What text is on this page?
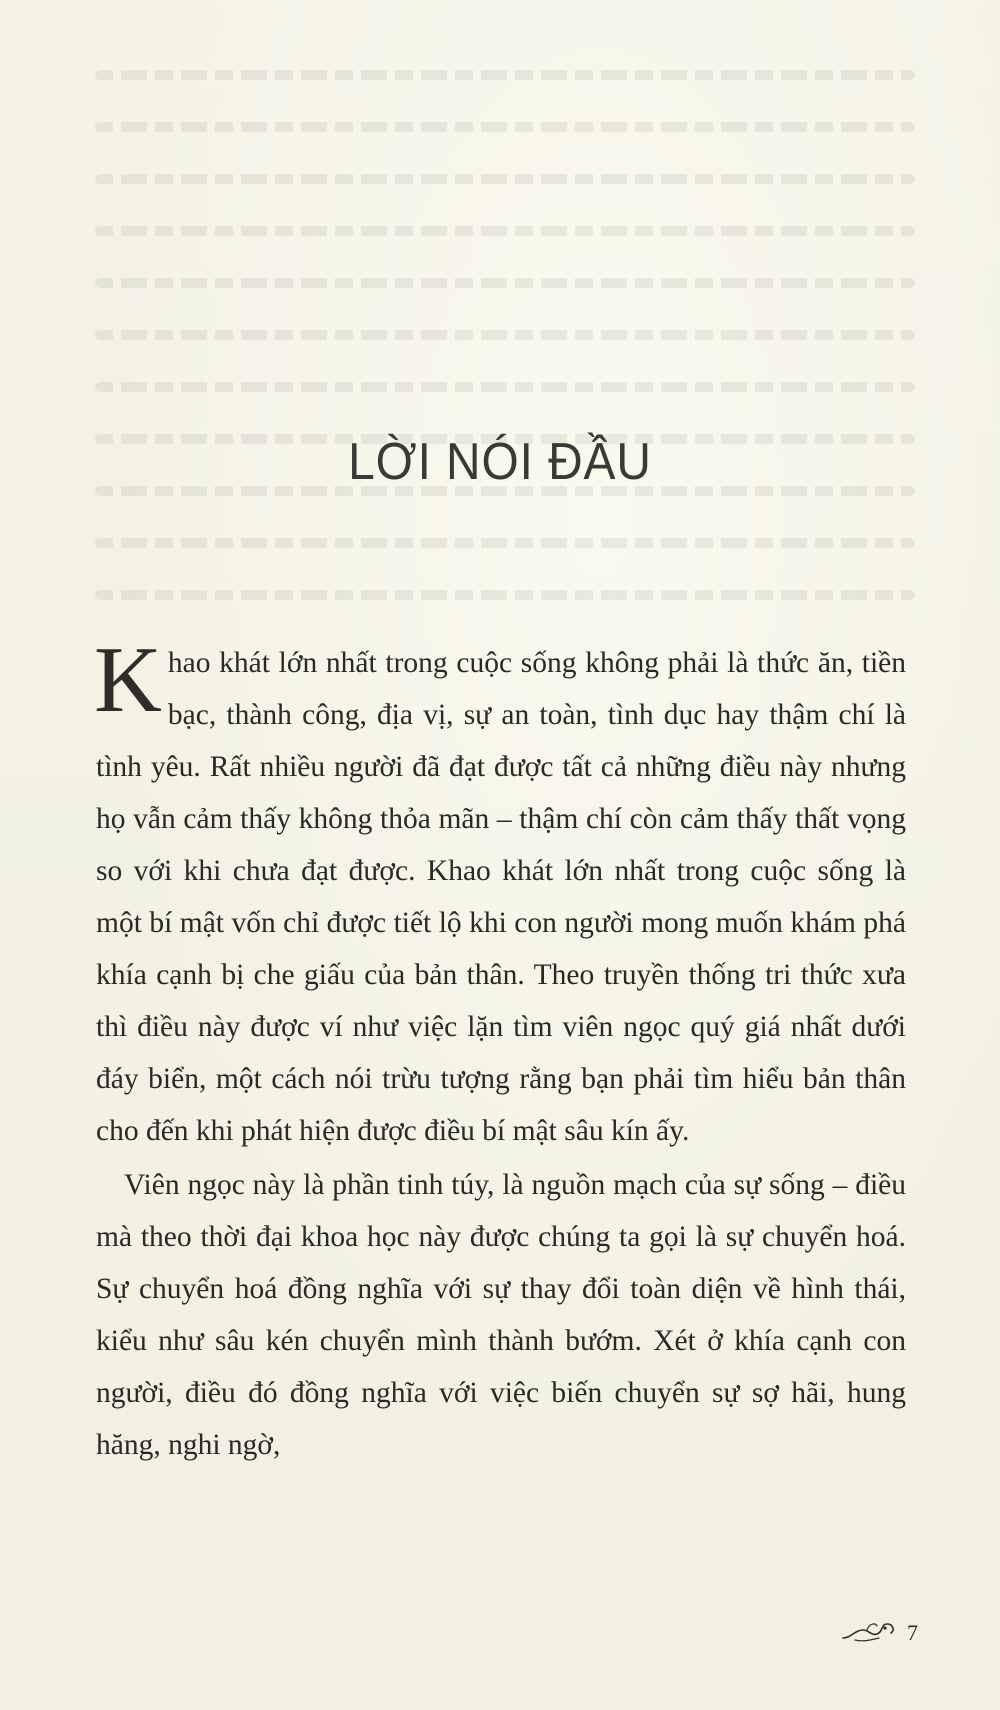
LỜI NÓI ĐẦU

Khao khát lớn nhất trong cuộc sống không phải là thức ăn, tiền bạc, thành công, địa vị, sự an toàn, tình dục hay thậm chí là tình yêu. Rất nhiều người đã đạt được tất cả những điều này nhưng họ vẫn cảm thấy không thỏa mãn – thậm chí còn cảm thấy thất vọng so với khi chưa đạt được. Khao khát lớn nhất trong cuộc sống là một bí mật vốn chỉ được tiết lộ khi con người mong muốn khám phá khía cạnh bị che giấu của bản thân. Theo truyền thống tri thức xưa thì điều này được ví như việc lặn tìm viên ngọc quý giá nhất dưới đáy biển, một cách nói trừu tượng rằng bạn phải tìm hiểu bản thân cho đến khi phát hiện được điều bí mật sâu kín ấy.

Viên ngọc này là phần tinh túy, là nguồn mạch của sự sống – điều mà theo thời đại khoa học này được chúng ta gọi là sự chuyển hoá. Sự chuyển hoá đồng nghĩa với sự thay đổi toàn diện về hình thái, kiểu như sâu kén chuyển mình thành bướm. Xét ở khía cạnh con người, điều đó đồng nghĩa với việc biến chuyển sự sợ hãi, hung hăng, nghi ngờ,

7
